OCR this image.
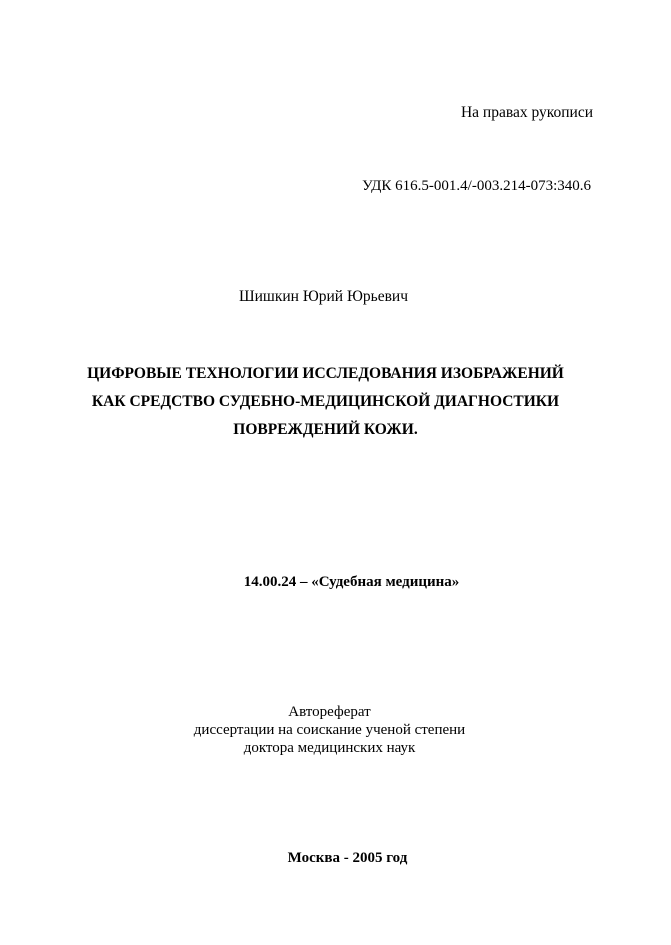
На правах рукописи
УДК 616.5-001.4/-003.214-073:340.6
Шишкин Юрий Юрьевич
ЦИФРОВЫЕ ТЕХНОЛОГИИ ИССЛЕДОВАНИЯ ИЗОБРАЖЕНИЙ
КАК СРЕДСТВО СУДЕБНО-МЕДИЦИНСКОЙ ДИАГНОСТИКИ
ПОВРЕЖДЕНИЙ КОЖИ.
14.00.24 – «Судебная медицина»
Автореферат
диссертации на соискание ученой степени
доктора медицинских наук
Москва - 2005 год
